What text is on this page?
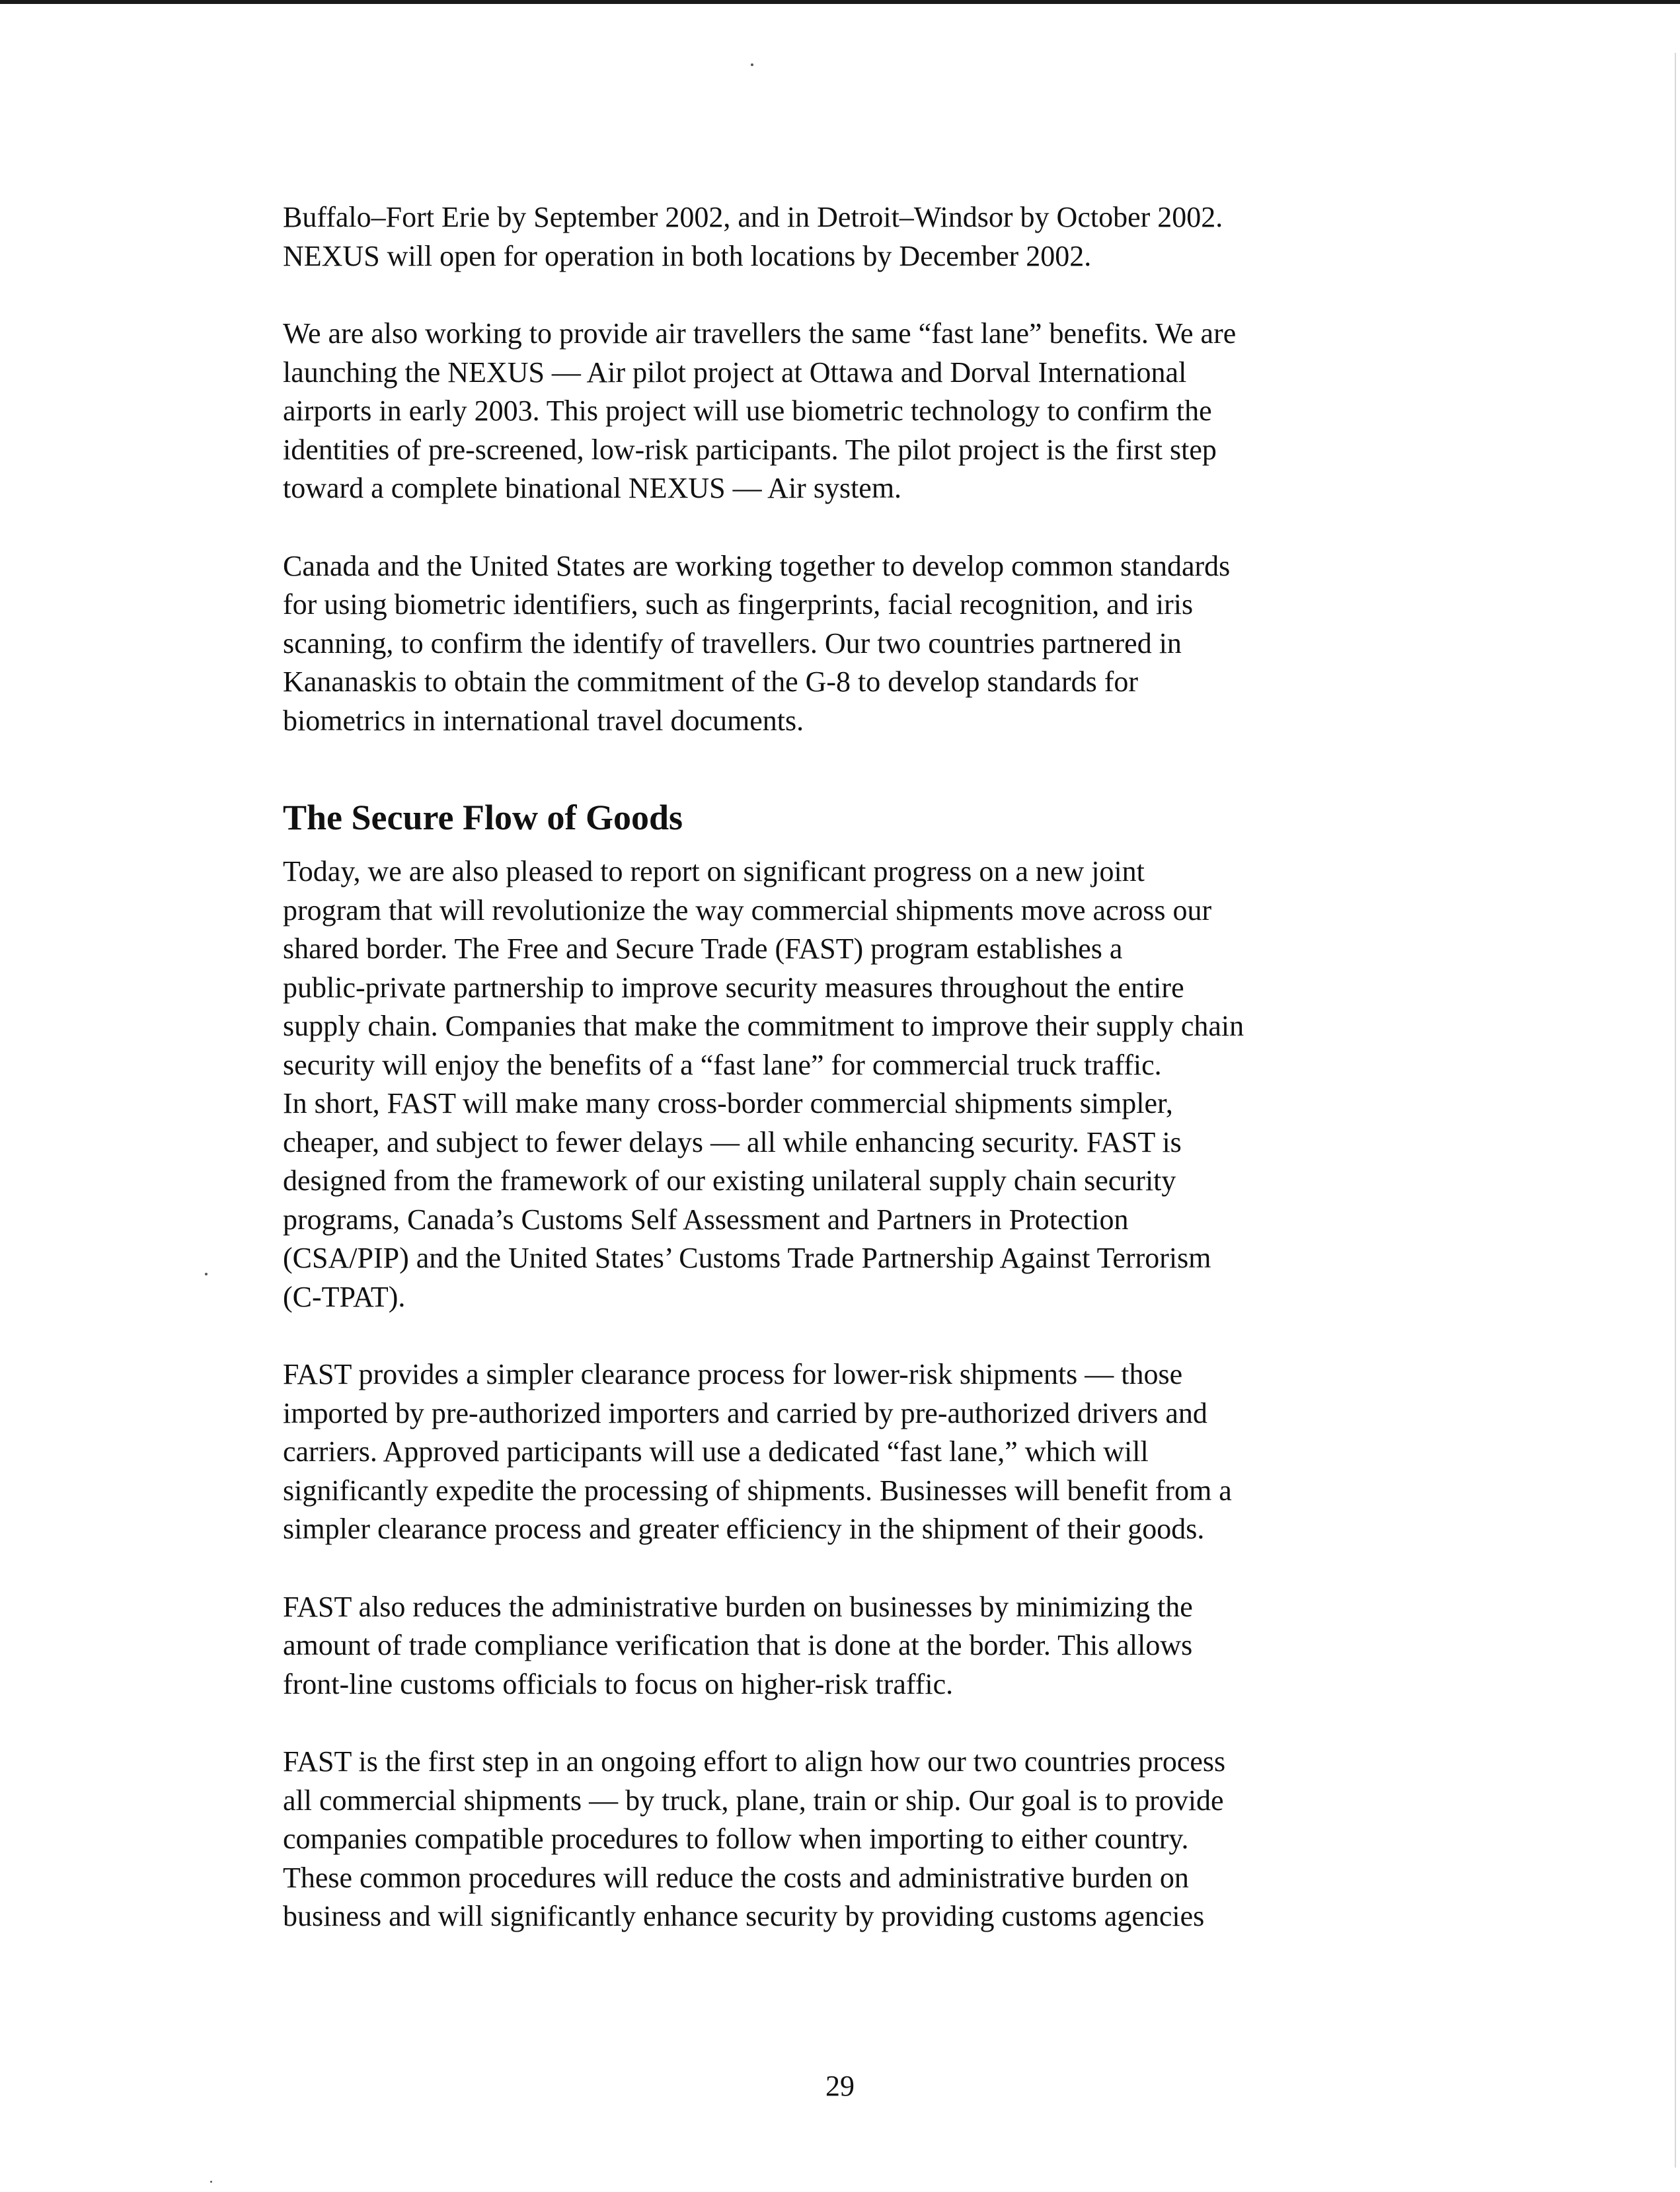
Buffalo–Fort Erie by September 2002, and in Detroit–Windsor by October 2002.
NEXUS will open for operation in both locations by December 2002.

We are also working to provide air travellers the same “fast lane” benefits. We are
launching the NEXUS — Air pilot project at Ottawa and Dorval International
airports in early 2003. This project will use biometric technology to confirm the
identities of pre-screened, low-risk participants. The pilot project is the first step
toward a complete binational NEXUS — Air system.

Canada and the United States are working together to develop common standards
for using biometric identifiers, such as fingerprints, facial recognition, and iris
scanning, to confirm the identify of travellers. Our two countries partnered in
Kananaskis to obtain the commitment of the G-8 to develop standards for
biometrics in international travel documents.

The Secure Flow of Goods

Today, we are also pleased to report on significant progress on a new joint
program that will revolutionize the way commercial shipments move across our
shared border. The Free and Secure Trade (FAST) program establishes a
public-private partnership to improve security measures throughout the entire
supply chain. Companies that make the commitment to improve their supply chain
security will enjoy the benefits of a “fast lane” for commercial truck traffic.
In short, FAST will make many cross-border commercial shipments simpler,
cheaper, and subject to fewer delays — all while enhancing security. FAST is
designed from the framework of our existing unilateral supply chain security
programs, Canada’s Customs Self Assessment and Partners in Protection
(CSA/PIP) and the United States’ Customs Trade Partnership Against Terrorism
(C-TPAT).

FAST provides a simpler clearance process for lower-risk shipments — those
imported by pre-authorized importers and carried by pre-authorized drivers and
carriers. Approved participants will use a dedicated “fast lane,” which will
significantly expedite the processing of shipments. Businesses will benefit from a
simpler clearance process and greater efficiency in the shipment of their goods.

FAST also reduces the administrative burden on businesses by minimizing the
amount of trade compliance verification that is done at the border. This allows
front-line customs officials to focus on higher-risk traffic.

FAST is the first step in an ongoing effort to align how our two countries process
all commercial shipments — by truck, plane, train or ship. Our goal is to provide
companies compatible procedures to follow when importing to either country.
These common procedures will reduce the costs and administrative burden on
business and will significantly enhance security by providing customs agencies

29
